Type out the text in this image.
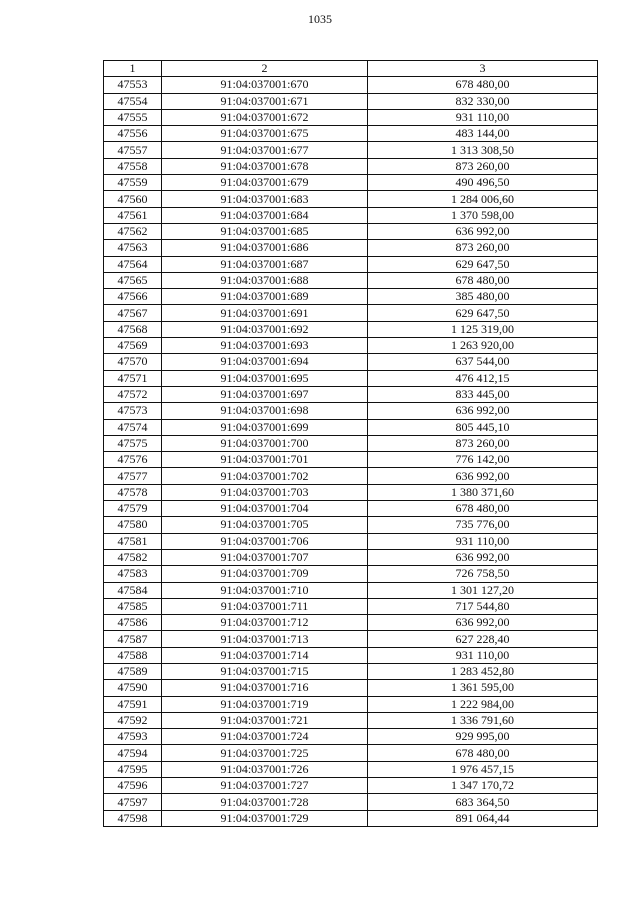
1035
1	2	3
47553	91:04:037001:670	678 480,00
47554	91:04:037001:671	832 330,00
47555	91:04:037001:672	931 110,00
47556	91:04:037001:675	483 144,00
47557	91:04:037001:677	1 313 308,50
47558	91:04:037001:678	873 260,00
47559	91:04:037001:679	490 496,50
47560	91:04:037001:683	1 284 006,60
47561	91:04:037001:684	1 370 598,00
47562	91:04:037001:685	636 992,00
47563	91:04:037001:686	873 260,00
47564	91:04:037001:687	629 647,50
47565	91:04:037001:688	678 480,00
47566	91:04:037001:689	385 480,00
47567	91:04:037001:691	629 647,50
47568	91:04:037001:692	1 125 319,00
47569	91:04:037001:693	1 263 920,00
47570	91:04:037001:694	637 544,00
47571	91:04:037001:695	476 412,15
47572	91:04:037001:697	833 445,00
47573	91:04:037001:698	636 992,00
47574	91:04:037001:699	805 445,10
47575	91:04:037001:700	873 260,00
47576	91:04:037001:701	776 142,00
47577	91:04:037001:702	636 992,00
47578	91:04:037001:703	1 380 371,60
47579	91:04:037001:704	678 480,00
47580	91:04:037001:705	735 776,00
47581	91:04:037001:706	931 110,00
47582	91:04:037001:707	636 992,00
47583	91:04:037001:709	726 758,50
47584	91:04:037001:710	1 301 127,20
47585	91:04:037001:711	717 544,80
47586	91:04:037001:712	636 992,00
47587	91:04:037001:713	627 228,40
47588	91:04:037001:714	931 110,00
47589	91:04:037001:715	1 283 452,80
47590	91:04:037001:716	1 361 595,00
47591	91:04:037001:719	1 222 984,00
47592	91:04:037001:721	1 336 791,60
47593	91:04:037001:724	929 995,00
47594	91:04:037001:725	678 480,00
47595	91:04:037001:726	1 976 457,15
47596	91:04:037001:727	1 347 170,72
47597	91:04:037001:728	683 364,50
47598	91:04:037001:729	891 064,44
